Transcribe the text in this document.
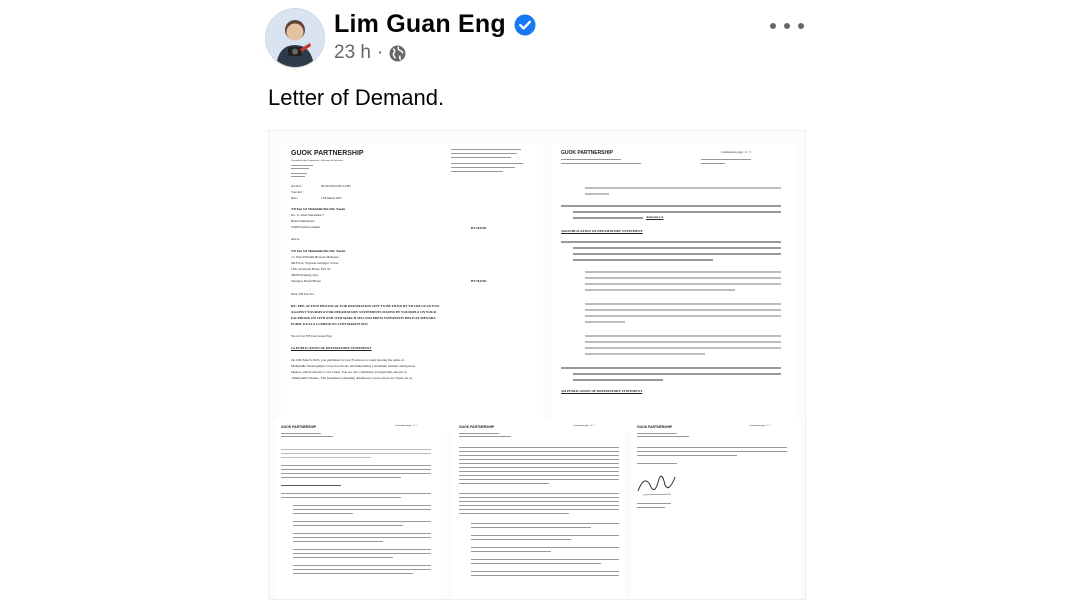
Lim Guan Eng
23 h ·
Letter of Demand.
GUOK PARTNERSHIP
Peguambela dan Peguamcara | Advocates & Solicitors
Our Ref :	06/YP/2023/GEU1/CHS
Your Ref :
Date :	13th March 2023
YB Tan Sri Muhiddin Bin Md. Yassin
No. 9, Jalan Setiabakti 7
Bukit Damansara
50490 Kuala Lumpur	BY HAND
and/or
YB Tan Sri Muhiddin Bin Md. Yassin
c/o Parti Pribumi Bersatu Malaysia
8th Floor, Yayasan Selangor Tower
18A, Persiaran Barat, PJS 52
46200 Petaling Jaya
Selangor Darul Ehsan	BY HAND
Dear YB Tan Sri
RE: PRE-ACTION PROTOCOL FOR DEFAMATION SUIT TO BE FILED BY YB LIM GUAN ENG
AGAINST YOURSELF FOR DEFAMATORY STATEMENTS ISSUED BY YOURSELF ON YOUR
FACEBOOK ON 10TH AND 11TH MARCH 2023 AND PRESS INTERVIEW HELD AT MENARA
PGRM, KUALA LUMPUR ON 12TH MARCH 2023
We act for YB Lim Guan Eng.
1st PUBLICATION OF DEFAMATORY STATEMENT
On 10th March 2023, you published in your Facebook account bearing the name of
Muhyiddin Yassin (https://www.facebook.com/muhyiddin) a statement entitled «Kenyataan
Media» which referred to our Client. You are also commonly and generally known as
«Muhyiddin Yassin». The statement containing defamatory words about our Client are as
GUOK PARTNERSHIP	Continuation page : 2 / 5
Annexure A
2nd PUBLICATION OF DEFAMATORY STATEMENT
3rd PUBLICATION OF DEFAMATORY STATEMENT
GUOK PARTNERSHIP	Continuation page : 3 / 5	GUOK PARTNERSHIP	Continuation page : 4 / 5	GUOK PARTNERSHIP	Continuation page : 5 / 5
